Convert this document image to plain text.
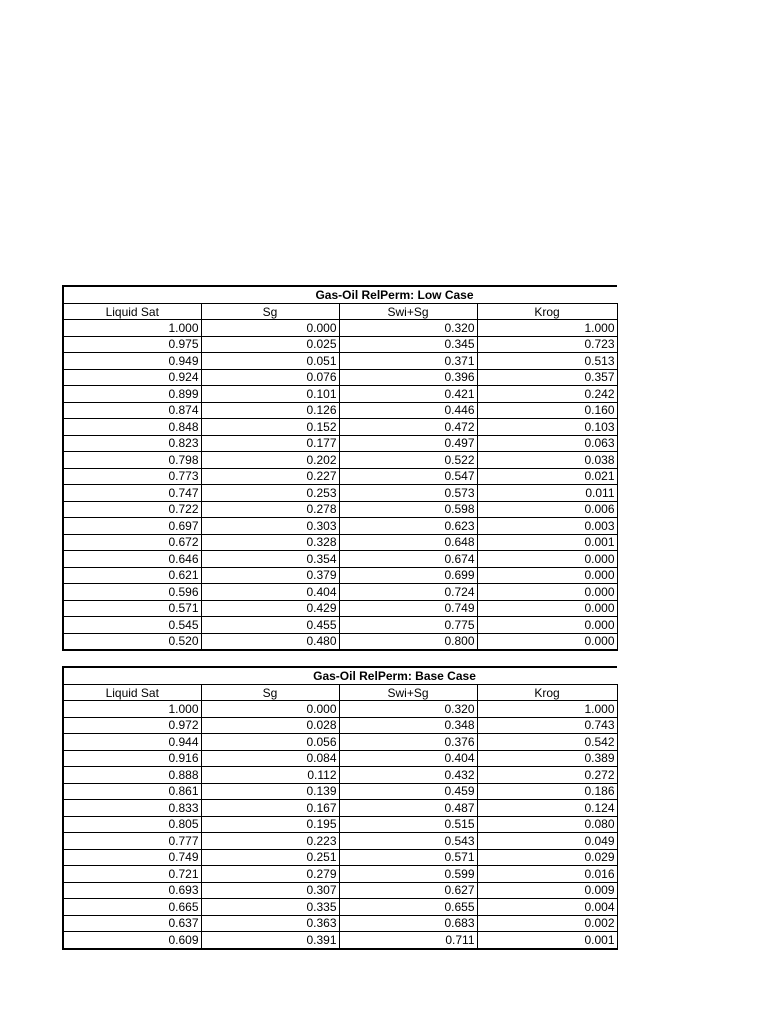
Gas-Oil RelPerm: Low Case			
Liquid Sat	Sg	Swi+Sg	Krog
1.000	0.000	0.320	1.000
0.975	0.025	0.345	0.723
0.949	0.051	0.371	0.513
0.924	0.076	0.396	0.357
0.899	0.101	0.421	0.242
0.874	0.126	0.446	0.160
0.848	0.152	0.472	0.103
0.823	0.177	0.497	0.063
0.798	0.202	0.522	0.038
0.773	0.227	0.547	0.021
0.747	0.253	0.573	0.011
0.722	0.278	0.598	0.006
0.697	0.303	0.623	0.003
0.672	0.328	0.648	0.001
0.646	0.354	0.674	0.000
0.621	0.379	0.699	0.000
0.596	0.404	0.724	0.000
0.571	0.429	0.749	0.000
0.545	0.455	0.775	0.000
0.520	0.480	0.800	0.000
Gas-Oil RelPerm: Base Case			
Liquid Sat	Sg	Swi+Sg	Krog
1.000	0.000	0.320	1.000
0.972	0.028	0.348	0.743
0.944	0.056	0.376	0.542
0.916	0.084	0.404	0.389
0.888	0.112	0.432	0.272
0.861	0.139	0.459	0.186
0.833	0.167	0.487	0.124
0.805	0.195	0.515	0.080
0.777	0.223	0.543	0.049
0.749	0.251	0.571	0.029
0.721	0.279	0.599	0.016
0.693	0.307	0.627	0.009
0.665	0.335	0.655	0.004
0.637	0.363	0.683	0.002
0.609	0.391	0.711	0.001
